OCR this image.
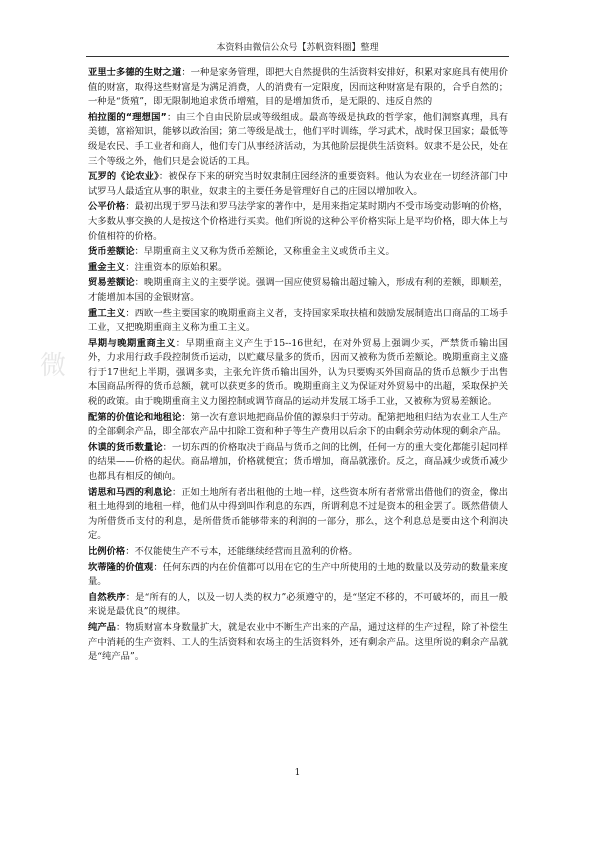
本资料由微信公众号【苏帆资料圈】整理
微

亚里士多德的生财之道：一种是家务管理，即把大自然提供的生活资料安排好，积累对家庭具有使用价值的财富，取得这些财富是为满足消费，人的消费有一定限度，因而这种财富是有限的，合乎自然的；一种是“货殖”，即无限制地追求货币增殖，目的是增加货币，是无限的、违反自然的

柏拉图的“理想国”：由三个自由民阶层或等级组成。最高等级是执政的哲学家，他们洞察真理，具有美德，富裕知识，能够以政治国；第二等级是战士，他们平时训练，学习武术，战时保卫国家；最低等级是农民、手工业者和商人，他们专门从事经济活动，为其他阶层提供生活资料。奴隶不是公民，处在三个等级之外，他们只是会说话的工具。

瓦罗的《论农业》：被保存下来的研究当时奴隶制庄园经济的重要资料。他认为农业在一切经济部门中试罗马人最适宜从事的职业，奴隶主的主要任务是管理好自己的庄园以增加收入。

公平价格：最初出现于罗马法和罗马法学家的著作中，是用来指定某时期内不受市场变动影响的价格，大多数从事交换的人是按这个价格进行买卖。他们所说的这种公平价格实际上是平均价格，即大体上与价值相符的价格。

货币差额论：早期重商主义又称为货币差额论，又称重金主义或货币主义。

重金主义：注重资本的原始积累。

贸易差额论：晚期重商主义的主要学说。强调一国应使贸易输出超过输入，形成有利的差额，即顺差，才能增加本国的金银财富。

重工主义：西欧一些主要国家的晚期重商主义者，支持国家采取扶植和鼓励发展制造出口商品的工场手工业，又把晚期重商主义称为重工主义。

早期与晚期重商主义：早期重商主义产生于15--16世纪，在对外贸易上强调少买，严禁货币输出国外，力求用行政手段控制货币运动，以贮藏尽量多的货币，因而又被称为货币差额论。晚期重商主义盛行于17世纪上半期，强调多卖，主张允许货币输出国外，认为只要购买外国商品的货币总额少于出售本国商品所得的货币总额，就可以获更多的货币。晚期重商主义为保证对外贸易中的出超，采取保护关税的政策。由于晚期重商主义力图控制或调节商品的运动并发展工场手工业，又被称为贸易差额论。

配第的价值论和地租论：第一次有意识地把商品价值的源泉归于劳动。配第把地租归结为农业工人生产的全部剩余产品，即全部农产品中扣除工资和种子等生产费用以后余下的由剩余劳动体现的剩余产品。

休谟的货币数量论：一切东西的价格取决于商品与货币之间的比例，任何一方的重大变化都能引起同样的结果——价格的起伏。商品增加，价格就便宜；货币增加，商品就涨价。反之，商品减少或货币减少也都具有相反的倾向。

诺思和马西的利息论：正如土地所有者出租他的土地一样，这些资本所有者常常出借他们的资金，像出租土地得到的地租一样，他们从中得到叫作利息的东西，所谓利息不过是资本的租金罢了。既然借债人为所借货币支付的利息，是所借货币能够带来的利润的一部分，那么，这个利息总是要由这个利润决定。

比例价格：不仅能使生产不亏本，还能继续经营而且盈利的价格。

坎蒂隆的价值观：任何东西的内在价值都可以用在它的生产中所使用的土地的数量以及劳动的数量来度量。

自然秩序：是“所有的人，以及一切人类的权力”必须遵守的，是“坚定不移的，不可破坏的，而且一般来说是最优良”的规律。

纯产品：物质财富本身数量扩大，就是农业中不断生产出来的产品，通过这样的生产过程，除了补偿生产中消耗的生产资料、工人的生活资料和农场主的生活资料外，还有剩余产品。这里所说的剩余产品就是“纯产品”。

1
